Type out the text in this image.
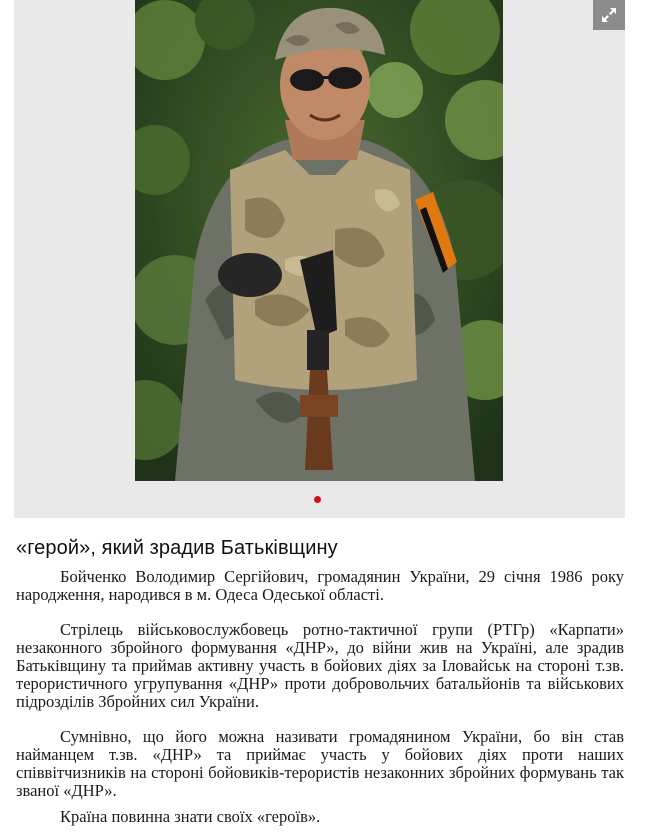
«герой», який зрадив Батьківщину

Бойченко Володимир Сергійович, громадянин України, 29 січня 1986 року народження, народився в м. Одеса Одеської області.

Стрілець військовослужбовець ротно-тактичної групи (РТГр) «Карпати» незаконного збройного формування «ДНР», до війни жив на Україні, але зрадив Батьківщину та приймав активну участь в бойових діях за Іловайськ на стороні т.зв. терористичного угрупування «ДНР» проти добровольчих батальйонів та військових підрозділів Збройних сил України.

Сумнівно, що його можна називати громадянином України, бо він став найманцем т.зв. «ДНР» та приймає участь у бойових діях проти наших співвітчизників на стороні бойовиків-терористів незаконних збройних формувань так званої «ДНР».

Країна повинна знати своїх «героїв».
